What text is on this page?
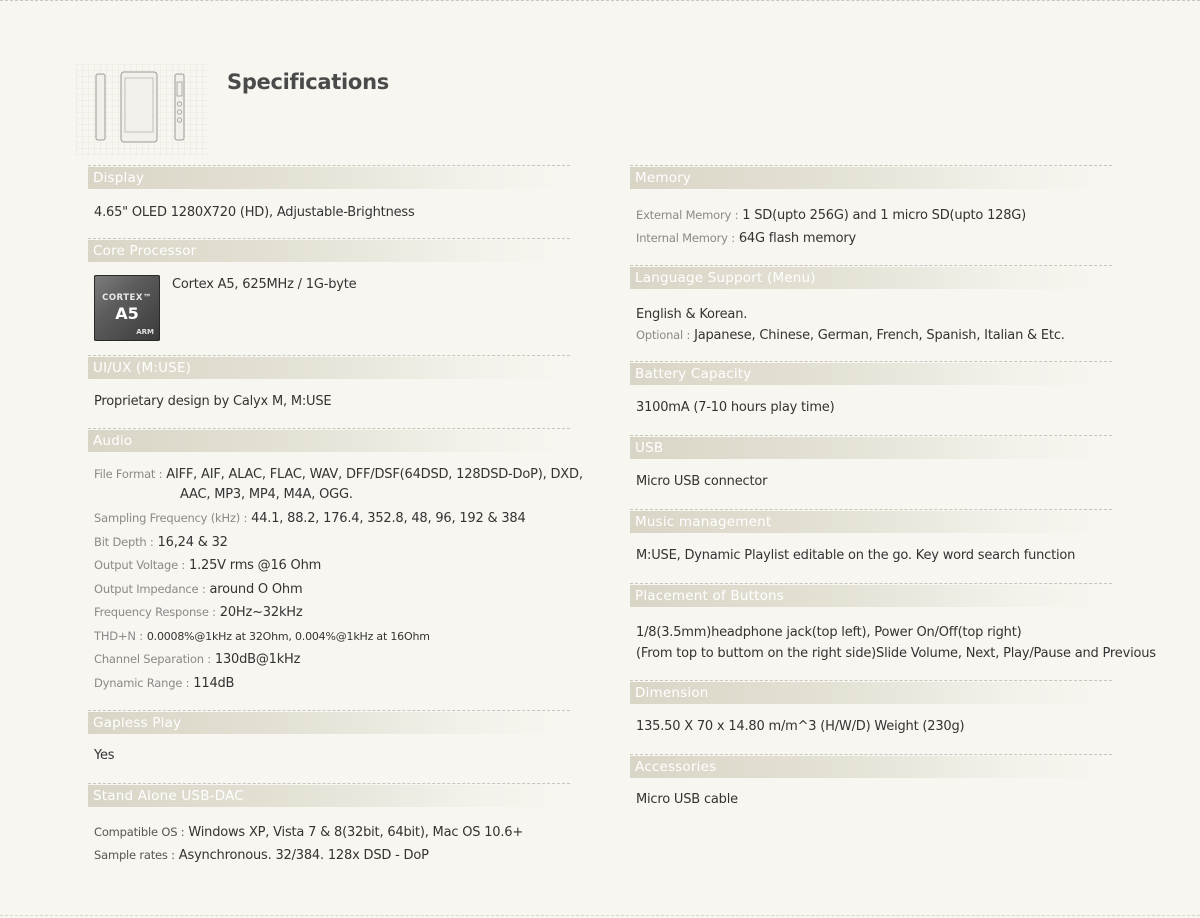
Specifications
Display
4.65" OLED 1280X720 (HD), Adjustable-Brightness
Core Processor
CORTEX™
A5
ARM
Cortex A5, 625MHz / 1G-byte
UI/UX (M:USE)
Proprietary design by Calyx M, M:USE
Audio
File Format : AIFF, AIF, ALAC, FLAC, WAV, DFF/DSF(64DSD, 128DSD-DoP), DXD,
AAC, MP3, MP4, M4A, OGG.
Sampling Frequency (kHz) : 44.1, 88.2, 176.4, 352.8, 48, 96, 192 & 384
Bit Depth : 16,24 & 32
Output Voltage : 1.25V rms @16 Ohm
Output Impedance : around O Ohm
Frequency Response : 20Hz~32kHz
THD+N : 0.0008%@1kHz at 32Ohm, 0.004%@1kHz at 16Ohm
Channel Separation : 130dB@1kHz
Dynamic Range : 114dB
Gapless Play
Yes
Stand Alone USB-DAC
Compatible OS : Windows XP, Vista 7 & 8(32bit, 64bit), Mac OS 10.6+
Sample rates : Asynchronous. 32/384. 128x DSD - DoP
Memory
External Memory : 1 SD(upto 256G) and 1 micro SD(upto 128G)
Internal Memory : 64G flash memory
Language Support (Menu)
English & Korean.
Optional : Japanese, Chinese, German, French, Spanish, Italian & Etc.
Battery Capacity
3100mA (7-10 hours play time)
USB
Micro USB connector
Music management
M:USE, Dynamic Playlist editable on the go. Key word search function
Placement of Buttons
1/8(3.5mm)headphone jack(top left), Power On/Off(top right)
(From top to buttom on the right side)Slide Volume, Next, Play/Pause and Previous
Dimension
135.50 X 70 x 14.80 m/m^3 (H/W/D) Weight (230g)
Accessories
Micro USB cable
